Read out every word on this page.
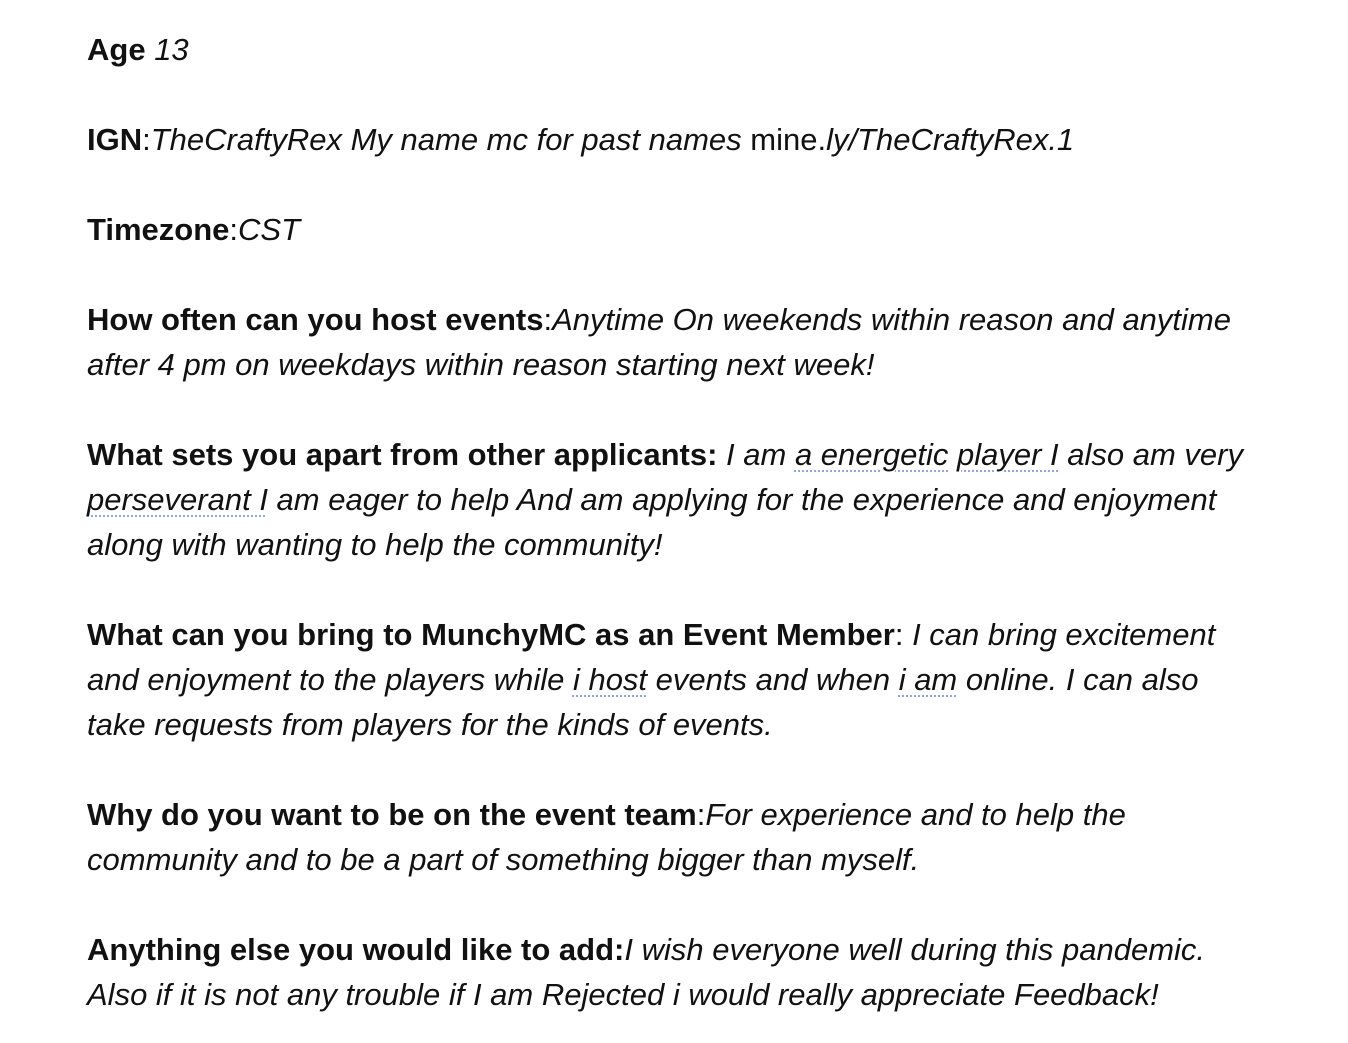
Age 13

IGN:TheCraftyRex My name mc for past names mine.ly/TheCraftyRex.1

Timezone:CST

How often can you host events:Anytime On weekends within reason and anytime
after 4 pm on weekdays within reason starting next week!

What sets you apart from other applicants: I am a energetic player I also am very
perseverant I am eager to help And am applying for the experience and enjoyment
along with wanting to help the community!

What can you bring to MunchyMC as an Event Member: I can bring excitement
and enjoyment to the players while i host events and when i am online. I can also
take requests from players for the kinds of events.

Why do you want to be on the event team:For experience and to help the
community and to be a part of something bigger than myself.

Anything else you would like to add:I wish everyone well during this pandemic.
Also if it is not any trouble if I am Rejected i would really appreciate Feedback!
